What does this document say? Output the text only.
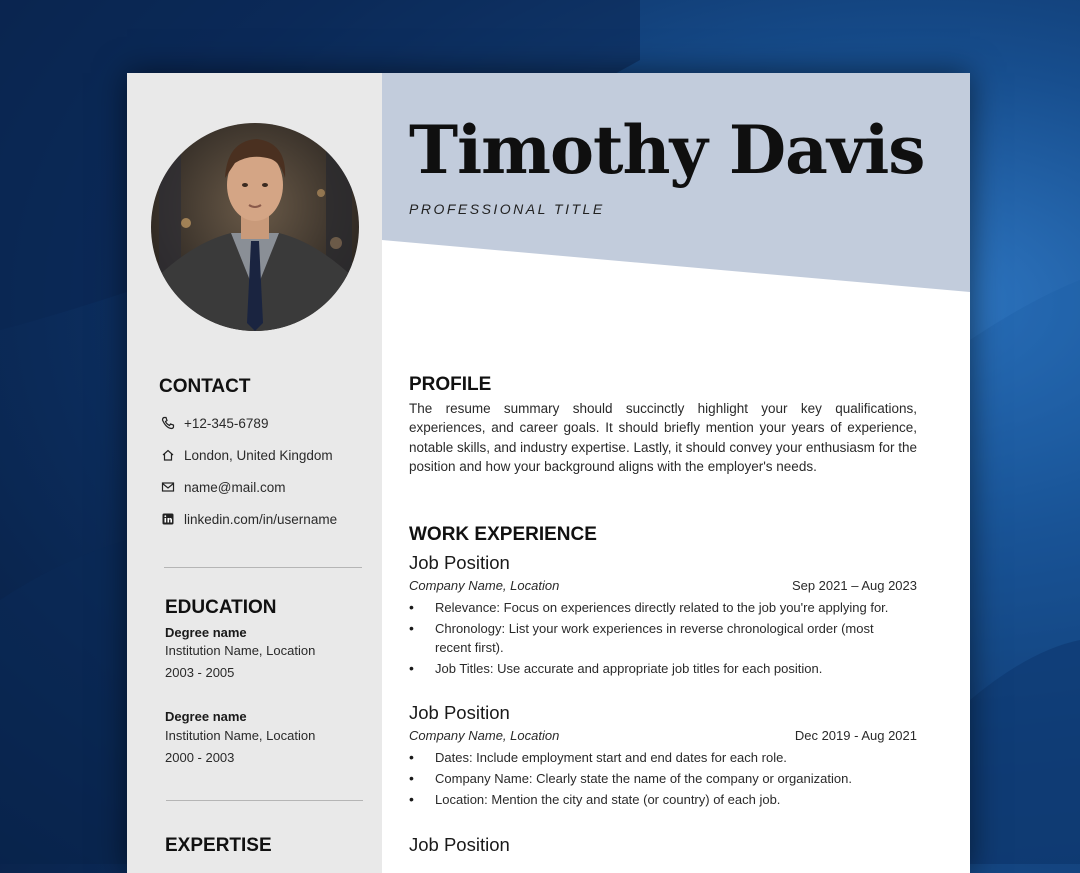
Timothy Davis
PROFESSIONAL TITLE
CONTACT
+12-345-6789
London, United Kingdom
name@mail.com
linkedin.com/in/username
EDUCATION
Degree name
Institution Name, Location
2003 - 2005
Degree name
Institution Name, Location
2000 - 2003
EXPERTISE
PROFILE

The resume summary should succinctly highlight your key qualifications, experiences, and career goals. It should briefly mention your years of experience, notable skills, and industry expertise. Lastly, it should convey your enthusiasm for the position and how your background aligns with the employer's needs.

WORK EXPERIENCE
Job Position
Company Name, Location	Sep 2021 – Aug 2023
• Relevance: Focus on experiences directly related to the job you're applying for.
• Chronology: List your work experiences in reverse chronological order (most recent first).
• Job Titles: Use accurate and appropriate job titles for each position.
Job Position
Company Name, Location	Dec 2019 - Aug 2021
• Dates: Include employment start and end dates for each role.
• Company Name: Clearly state the name of the company or organization.
• Location: Mention the city and state (or country) of each job.
Job Position
